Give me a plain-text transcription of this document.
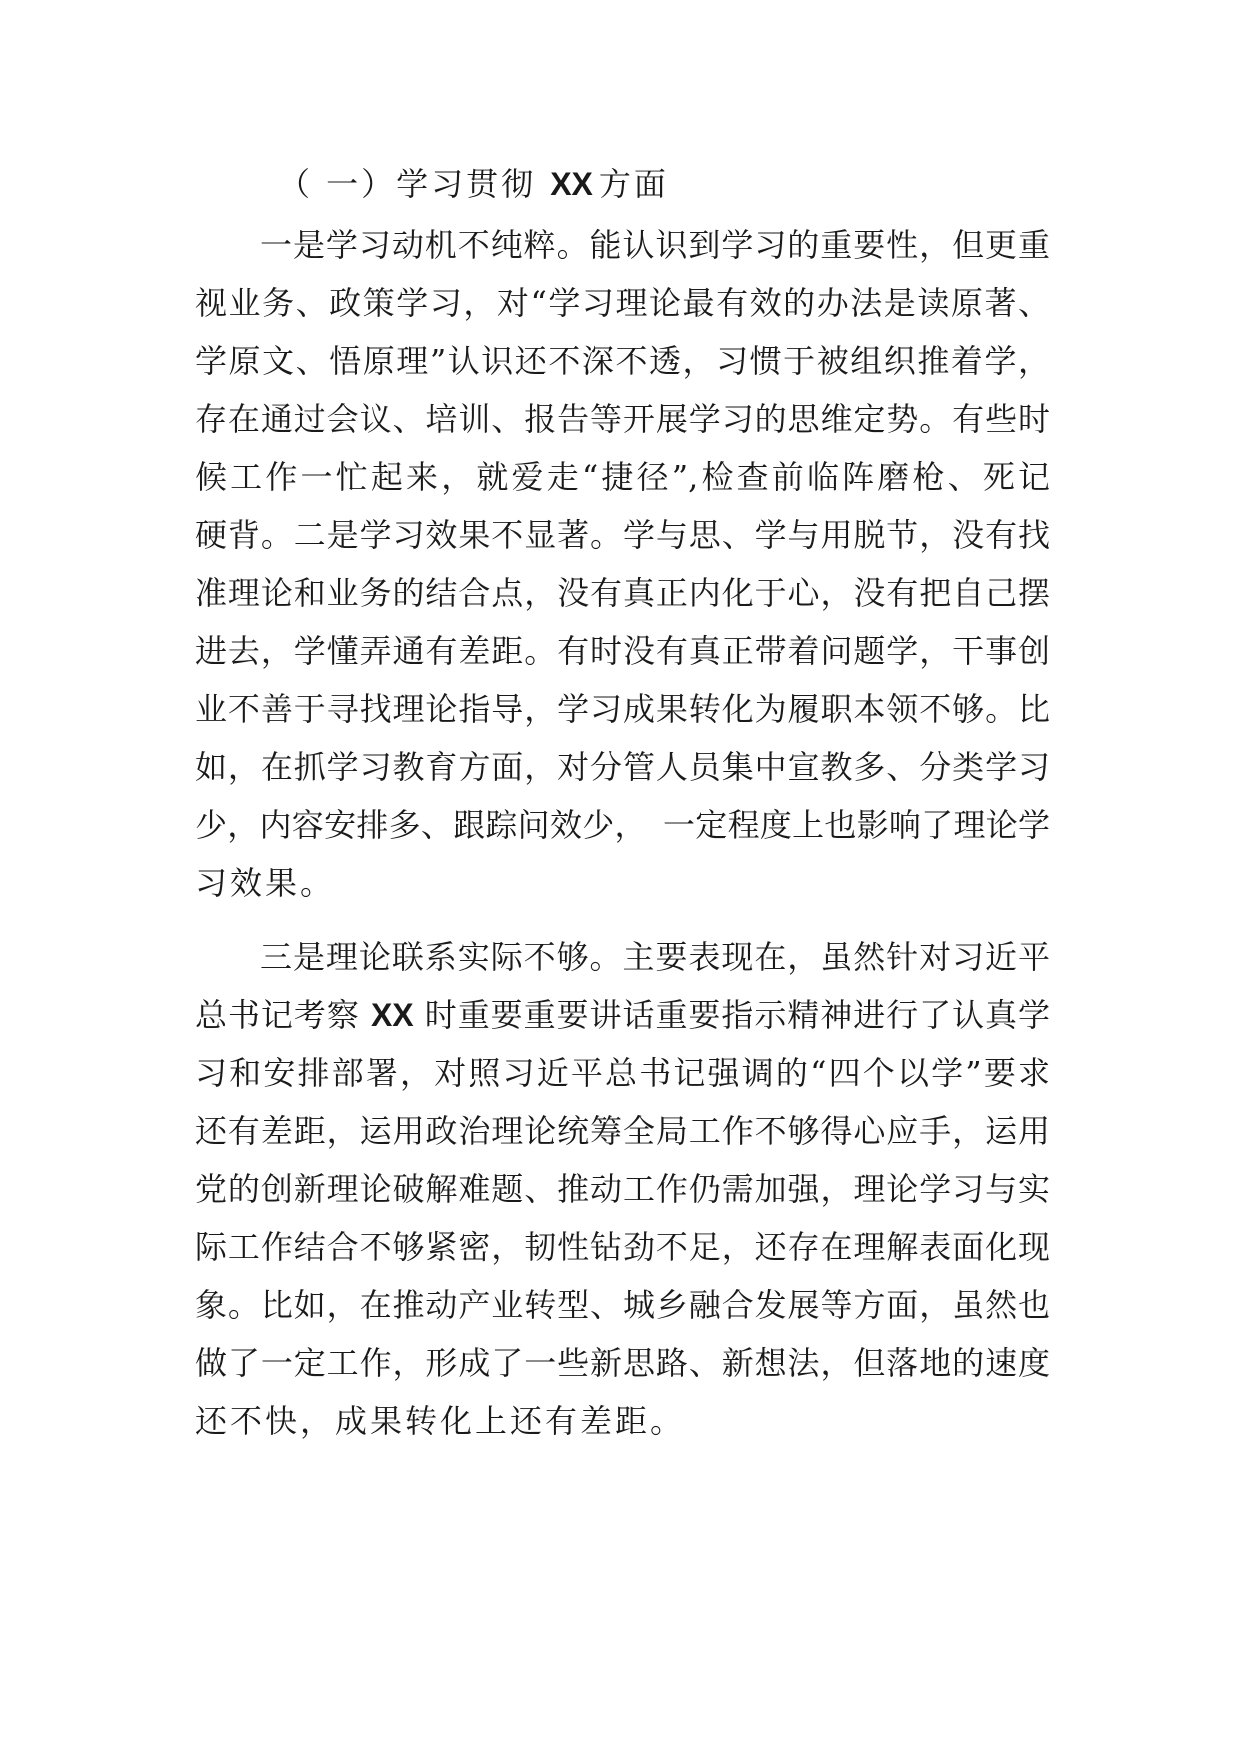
（ 一）学习贯彻 XX 方面
一是学习动机不纯粹。能认识到学习的重要性，但更重
视业务、政策学习，对“学习理论最有效的办法是读原著、
学原文、悟原理”认识还不深不透，习惯于被组织推着学，
存在通过会议、培训、报告等开展学习的思维定势。有些时
候工作一忙起来，就爱走“捷径”,检查前临阵磨枪、死记
硬背。二是学习效果不显著。学与思、学与用脱节，没有找
准理论和业务的结合点，没有真正内化于心，没有把自己摆
进去，学懂弄通有差距。有时没有真正带着问题学，干事创
业不善于寻找理论指导，学习成果转化为履职本领不够。比
如，在抓学习教育方面，对分管人员集中宣教多、分类学习
少，内容安排多、跟踪问效少，　一定程度上也影响了理论学
习效果。
三是理论联系实际不够。主要表现在，虽然针对习近平
总书记考察 XX 时重要重要讲话重要指示精神进行了认真学
习和安排部署，对照习近平总书记强调的“四个以学”要求
还有差距，运用政治理论统筹全局工作不够得心应手，运用
党的创新理论破解难题、推动工作仍需加强，理论学习与实
际工作结合不够紧密，韧性钻劲不足，还存在理解表面化现
象。比如，在推动产业转型、城乡融合发展等方面，虽然也
做了一定工作，形成了一些新思路、新想法，但落地的速度
还不快，成果转化上还有差距。
